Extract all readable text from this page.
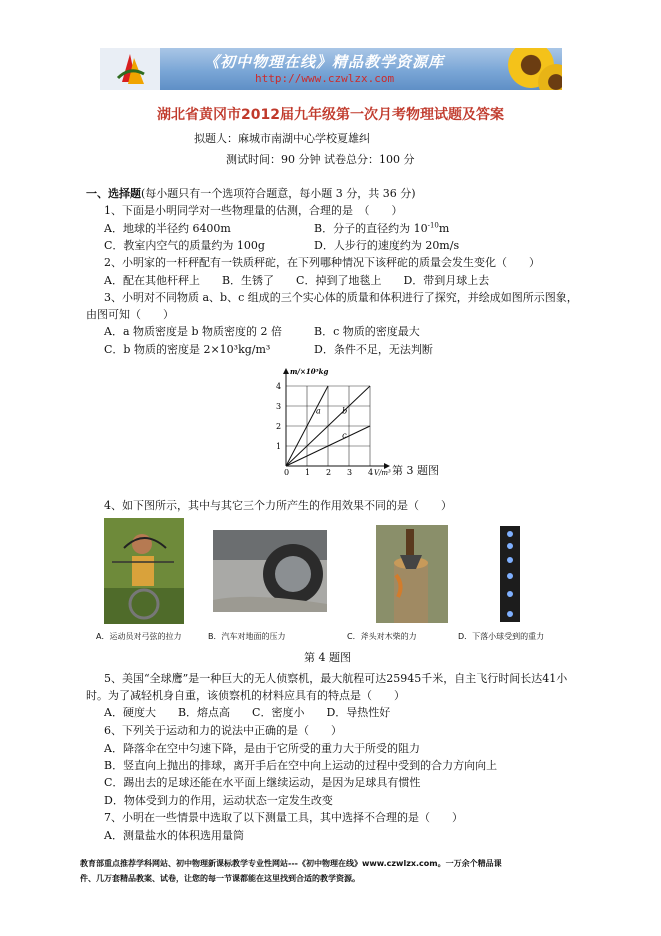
《初中物理在线》精品教学资源库
http://www.czwlzx.com
湖北省黄冈市2012届九年级第一次月考物理试题及答案
拟题人：麻城市南湖中心学校夏雄纠
测试时间：90 分钟 试卷总分：100 分
一、选择题(每小题只有一个选项符合题意，每小题 3 分，共 36 分)
1、下面是小明同学对一些物理量的估测，合理的是　（　　）
A．地球的半径约 6400m	B．分子的直径约为 $10^{-10}m$
C．教室内空气的质量约为 100g	D．人步行的速度约为 20m/s
2、小明家的一杆秤配有一铁质秤砣，在下列哪种情况下该秤砣的质量会发生变化（　　）
A．配在其他杆秤上　　B．生锈了　　C．掉到了地毯上　　D．带到月球上去
3、小明对不同物质 a、b、c 组成的三个实心体的质量和体积进行了探究，并绘成如图所示图象，
由图可知（　　）
A．a 物质密度是 b 物质密度的 2 倍	B．c 物质的密度最大
C．b 物质的密度是 2×10³kg/m³	D．条件不足，无法判断
a	b
c
0 1 2 3 4
1
2
3
4
m/×10³kg
V/m³ 第 3 题图
4、如下图所示，其中与其它三个力所产生的作用效果不同的是（　　）
A．运动员对弓弦的拉力	B．汽车对地面的压力	C．斧头对木柴的力	D．下落小球受到的重力
第 4 题图
5、美国“全球鹰”是一种巨大的无人侦察机，最大航程可达25945千米，自主飞行时间长达41小
时。为了减轻机身自重，该侦察机的材料应具有的特点是（　　）
A．硬度大　　B．熔点高　　C．密度小　　D．导热性好
6、下列关于运动和力的说法中正确的是（　　）
A．降落伞在空中匀速下降，是由于它所受的重力大于所受的阻力
B．竖直向上抛出的排球，离开手后在空中向上运动的过程中受到的合力方向向上
C．踢出去的足球还能在水平面上继续运动，是因为足球具有惯性
D．物体受到力的作用，运动状态一定发生改变
7、小明在一些情景中选取了以下测量工具，其中选择不合理的是（　　）
A．测量盐水的体积选用量筒
教育部重点推荐学科网站、初中物理新课标教学专业性网站---《初中物理在线》www.czwlzx.com。一万余个精品课
件、几万套精品教案、试卷，让您的每一节课都能在这里找到合适的教学资源。
